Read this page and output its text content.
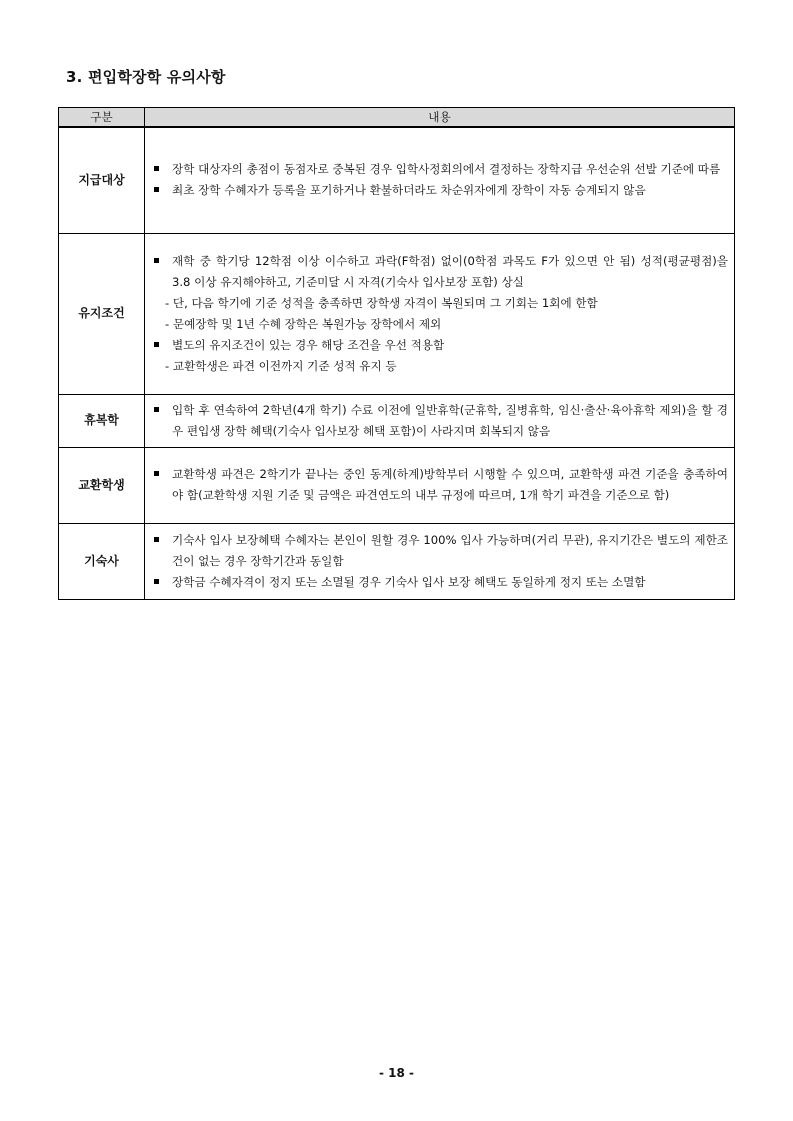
3. 편입학장학 유의사항
구분	내용
지급대상	장학 대상자의 총점이 동점자로 중복된 경우 입학사정회의에서 결정하는 장학지급 우선순위 선발 기준에 따름
최초 장학 수혜자가 등록을 포기하거나 환불하더라도 차순위자에게 장학이 자동 승계되지 않음

유지조건	재학 중 학기당 12학점 이상 이수하고 과락(F학점) 없이(0학점 과목도 F가 있으면 안 됨) 성적(평균평점)을 3.8 이상 유지해야하고, 기준미달 시 자격(기숙사 입사보장 포함) 상실
- 단, 다음 학기에 기준 성적을 충족하면 장학생 자격이 복원되며 그 기회는 1회에 한함
- 문예장학 및 1년 수혜 장학은 복원가능 장학에서 제외
별도의 유지조건이 있는 경우 해당 조건을 우선 적용함
- 교환학생은 파견 이전까지 기준 성적 유지 등

휴복학	입학 후 연속하여 2학년(4개 학기) 수료 이전에 일반휴학(군휴학, 질병휴학, 임신·출산·육아휴학 제외)을 할 경우 편입생 장학 혜택(기숙사 입사보장 혜택 포함)이 사라지며 회복되지 않음

교환학생	교환학생 파견은 2학기가 끝나는 중인 동계(하계)방학부터 시행할 수 있으며, 교환학생 파견 기준을 충족하여야 함(교환학생 지원 기준 및 금액은 파견연도의 내부 규정에 따르며, 1개 학기 파견을 기준으로 함)

기숙사	기숙사 입사 보장혜택 수혜자는 본인이 원할 경우 100% 입사 가능하며(거리 무관), 유지기간은 별도의 제한조건이 없는 경우 장학기간과 동일함
장학금 수혜자격이 정지 또는 소멸될 경우 기숙사 입사 보장 혜택도 동일하게 정지 또는 소멸함
- 18 -
